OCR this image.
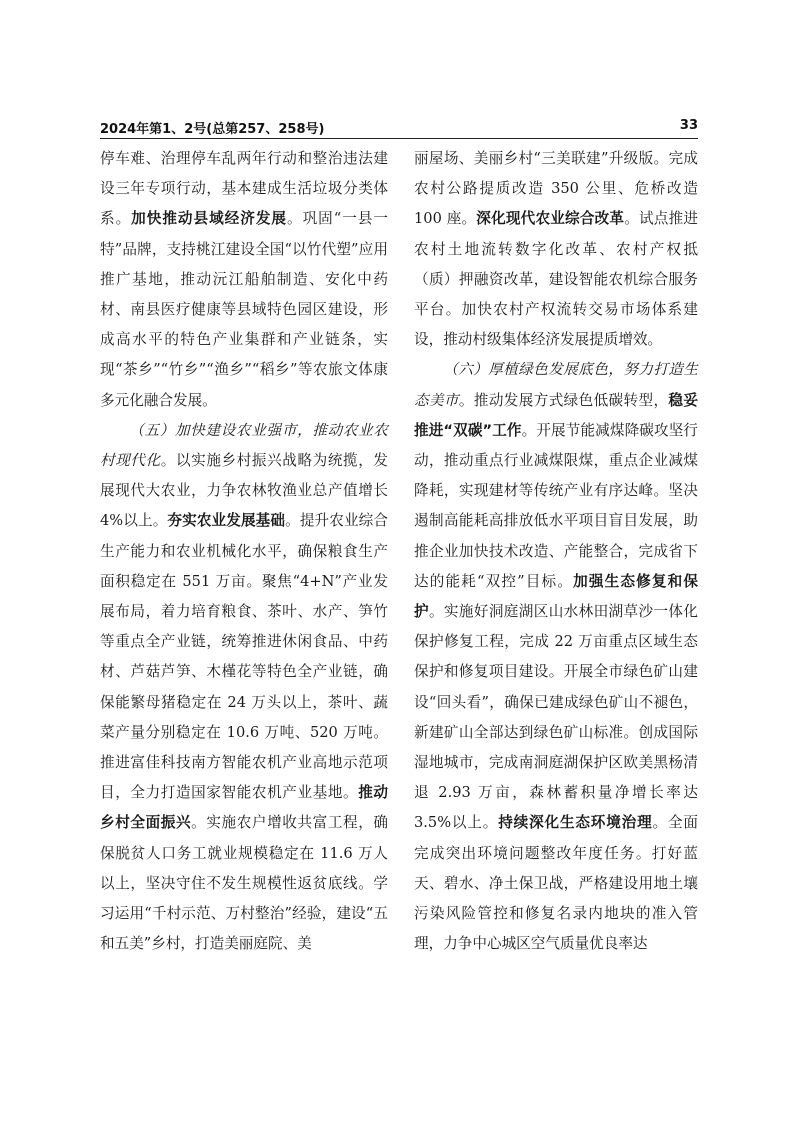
2024年第1、2号(总第257、258号)	33

停车难、治理停车乱两年行动和整治违法建设三年专项行动，基本建成生活垃圾分类体系。加快推动县域经济发展。巩固“一县一特”品牌，支持桃江建设全国“以竹代塑”应用推广基地，推动沅江船舶制造、安化中药材、南县医疗健康等县域特色园区建设，形成高水平的特色产业集群和产业链条，实现“茶乡”“竹乡”“渔乡”“稻乡”等农旅文体康多元化融合发展。

（五）加快建设农业强市，推动农业农村现代化。以实施乡村振兴战略为统揽，发展现代大农业，力争农林牧渔业总产值增长 4%以上。夯实农业发展基础。提升农业综合生产能力和农业机械化水平，确保粮食生产面积稳定在 551 万亩。聚焦“4+N”产业发展布局，着力培育粮食、茶叶、水产、笋竹等重点全产业链，统筹推进休闲食品、中药材、芦菇芦笋、木槿花等特色全产业链，确保能繁母猪稳定在 24 万头以上，茶叶、蔬菜产量分别稳定在 10.6 万吨、520 万吨。推进富佳科技南方智能农机产业高地示范项目，全力打造国家智能农机产业基地。推动乡村全面振兴。实施农户增收共富工程，确保脱贫人口务工就业规模稳定在 11.6 万人以上，坚决守住不发生规模性返贫底线。学习运用“千村示范、万村整治”经验，建设“五和五美”乡村，打造美丽庭院、美

丽屋场、美丽乡村“三美联建”升级版。完成农村公路提质改造 350 公里、危桥改造 100 座。深化现代农业综合改革。试点推进农村土地流转数字化改革、农村产权抵（质）押融资改革，建设智能农机综合服务平台。加快农村产权流转交易市场体系建设，推动村级集体经济发展提质增效。

（六）厚植绿色发展底色，努力打造生态美市。推动发展方式绿色低碳转型，稳妥推进“双碳”工作。开展节能减煤降碳攻坚行动，推动重点行业减煤限煤，重点企业减煤降耗，实现建材等传统产业有序达峰。坚决遏制高能耗高排放低水平项目盲目发展，助推企业加快技术改造、产能整合，完成省下达的能耗“双控”目标。加强生态修复和保护。实施好洞庭湖区山水林田湖草沙一体化保护修复工程，完成 22 万亩重点区域生态保护和修复项目建设。开展全市绿色矿山建设“回头看”，确保已建成绿色矿山不褪色，新建矿山全部达到绿色矿山标准。创成国际湿地城市，完成南洞庭湖保护区欧美黑杨清退 2.93 万亩，森林蓄积量净增长率达 3.5%以上。持续深化生态环境治理。全面完成突出环境问题整改年度任务。打好蓝天、碧水、净土保卫战，严格建设用地土壤污染风险管控和修复名录内地块的准入管理，力争中心城区空气质量优良率达
